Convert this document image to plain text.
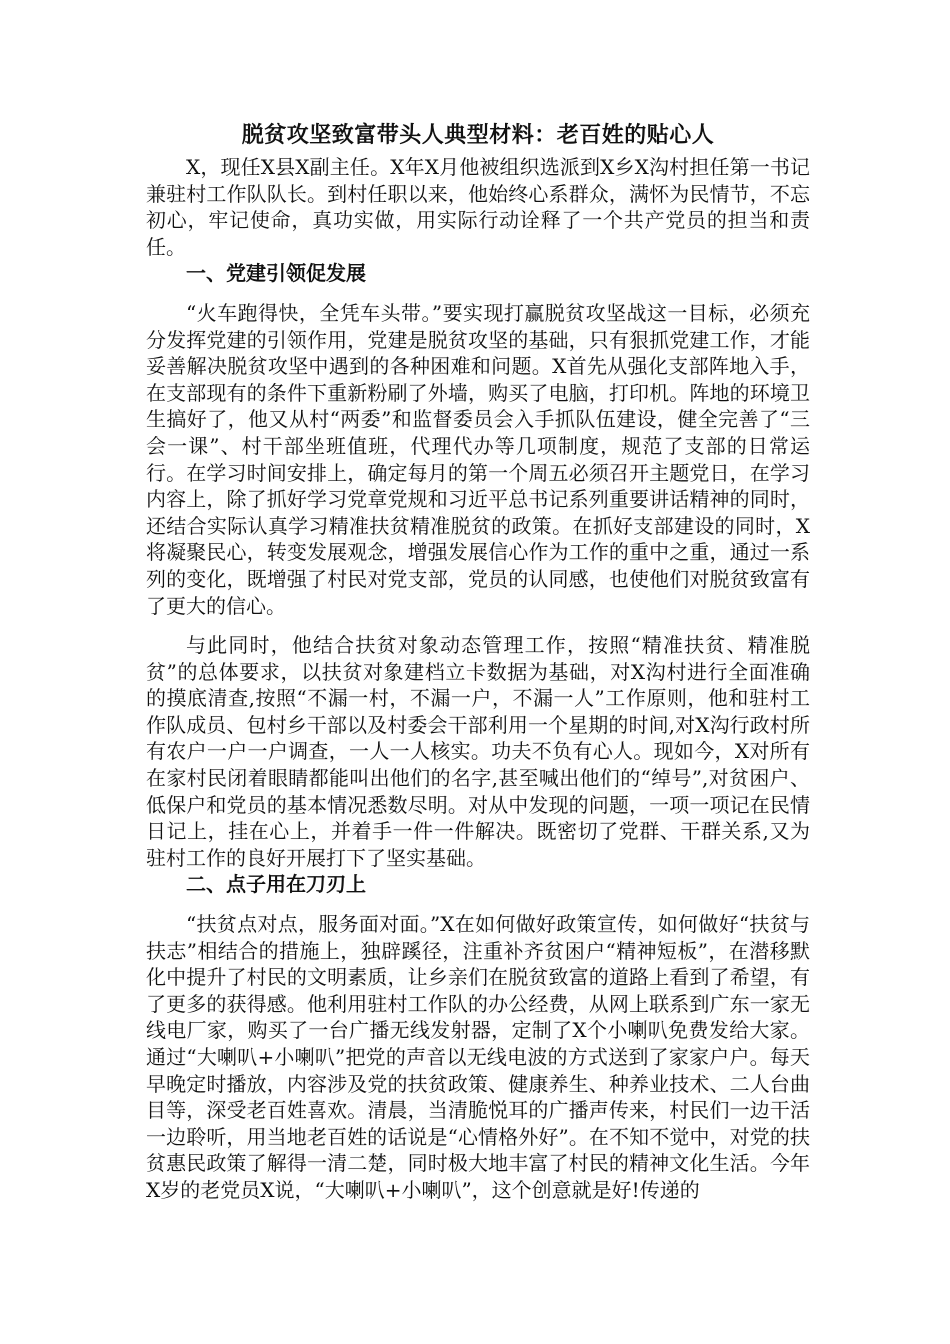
脱贫攻坚致富带头人典型材料：老百姓的贴心人

X，现任X县X副主任。X年X月他被组织选派到X乡X沟村担任第一书记兼驻村工作队队长。到村任职以来，他始终心系群众，满怀为民情节，不忘初心，牢记使命，真功实做，用实际行动诠释了一个共产党员的担当和责任。

一、党建引领促发展

“火车跑得快，全凭车头带。”要实现打赢脱贫攻坚战这一目标，必须充分发挥党建的引领作用，党建是脱贫攻坚的基础，只有狠抓党建工作，才能妥善解决脱贫攻坚中遇到的各种困难和问题。X首先从强化支部阵地入手，在支部现有的条件下重新粉刷了外墙，购买了电脑，打印机。阵地的环境卫生搞好了，他又从村“两委”和监督委员会入手抓队伍建设，健全完善了“三会一课”、村干部坐班值班，代理代办等几项制度，规范了支部的日常运行。在学习时间安排上，确定每月的第一个周五必须召开主题党日，在学习内容上，除了抓好学习党章党规和习近平总书记系列重要讲话精神的同时，还结合实际认真学习精准扶贫精准脱贫的政策。在抓好支部建设的同时，X将凝聚民心，转变发展观念，增强发展信心作为工作的重中之重，通过一系列的变化，既增强了村民对党支部，党员的认同感，也使他们对脱贫致富有了更大的信心。

与此同时，他结合扶贫对象动态管理工作，按照“精准扶贫、精准脱贫”的总体要求，以扶贫对象建档立卡数据为基础，对X沟村进行全面准确的摸底清查,按照“不漏一村，不漏一户，不漏一人”工作原则，他和驻村工作队成员、包村乡干部以及村委会干部利用一个星期的时间,对X沟行政村所有农户一户一户调查，一人一人核实。功夫不负有心人。现如今，X对所有在家村民闭着眼睛都能叫出他们的名字,甚至喊出他们的“绰号”,对贫困户、低保户和党员的基本情况悉数尽明。对从中发现的问题，一项一项记在民情日记上，挂在心上，并着手一件一件解决。既密切了党群、干群关系,又为驻村工作的良好开展打下了坚实基础。

二、点子用在刀刃上

“扶贫点对点，服务面对面。”X在如何做好政策宣传，如何做好“扶贫与扶志”相结合的措施上，独辟蹊径，注重补齐贫困户“精神短板”，在潜移默化中提升了村民的文明素质，让乡亲们在脱贫致富的道路上看到了希望，有了更多的获得感。他利用驻村工作队的办公经费，从网上联系到广东一家无线电厂家，购买了一台广播无线发射器，定制了X个小喇叭免费发给大家。通过“大喇叭+小喇叭”把党的声音以无线电波的方式送到了家家户户。每天早晚定时播放，内容涉及党的扶贫政策、健康养生、种养业技术、二人台曲目等，深受老百姓喜欢。清晨，当清脆悦耳的广播声传来，村民们一边干活一边聆听，用当地老百姓的话说是“心情格外好”。在不知不觉中，对党的扶贫惠民政策了解得一清二楚，同时极大地丰富了村民的精神文化生活。今年X岁的老党员X说，“大喇叭+小喇叭”，这个创意就是好!传递的
